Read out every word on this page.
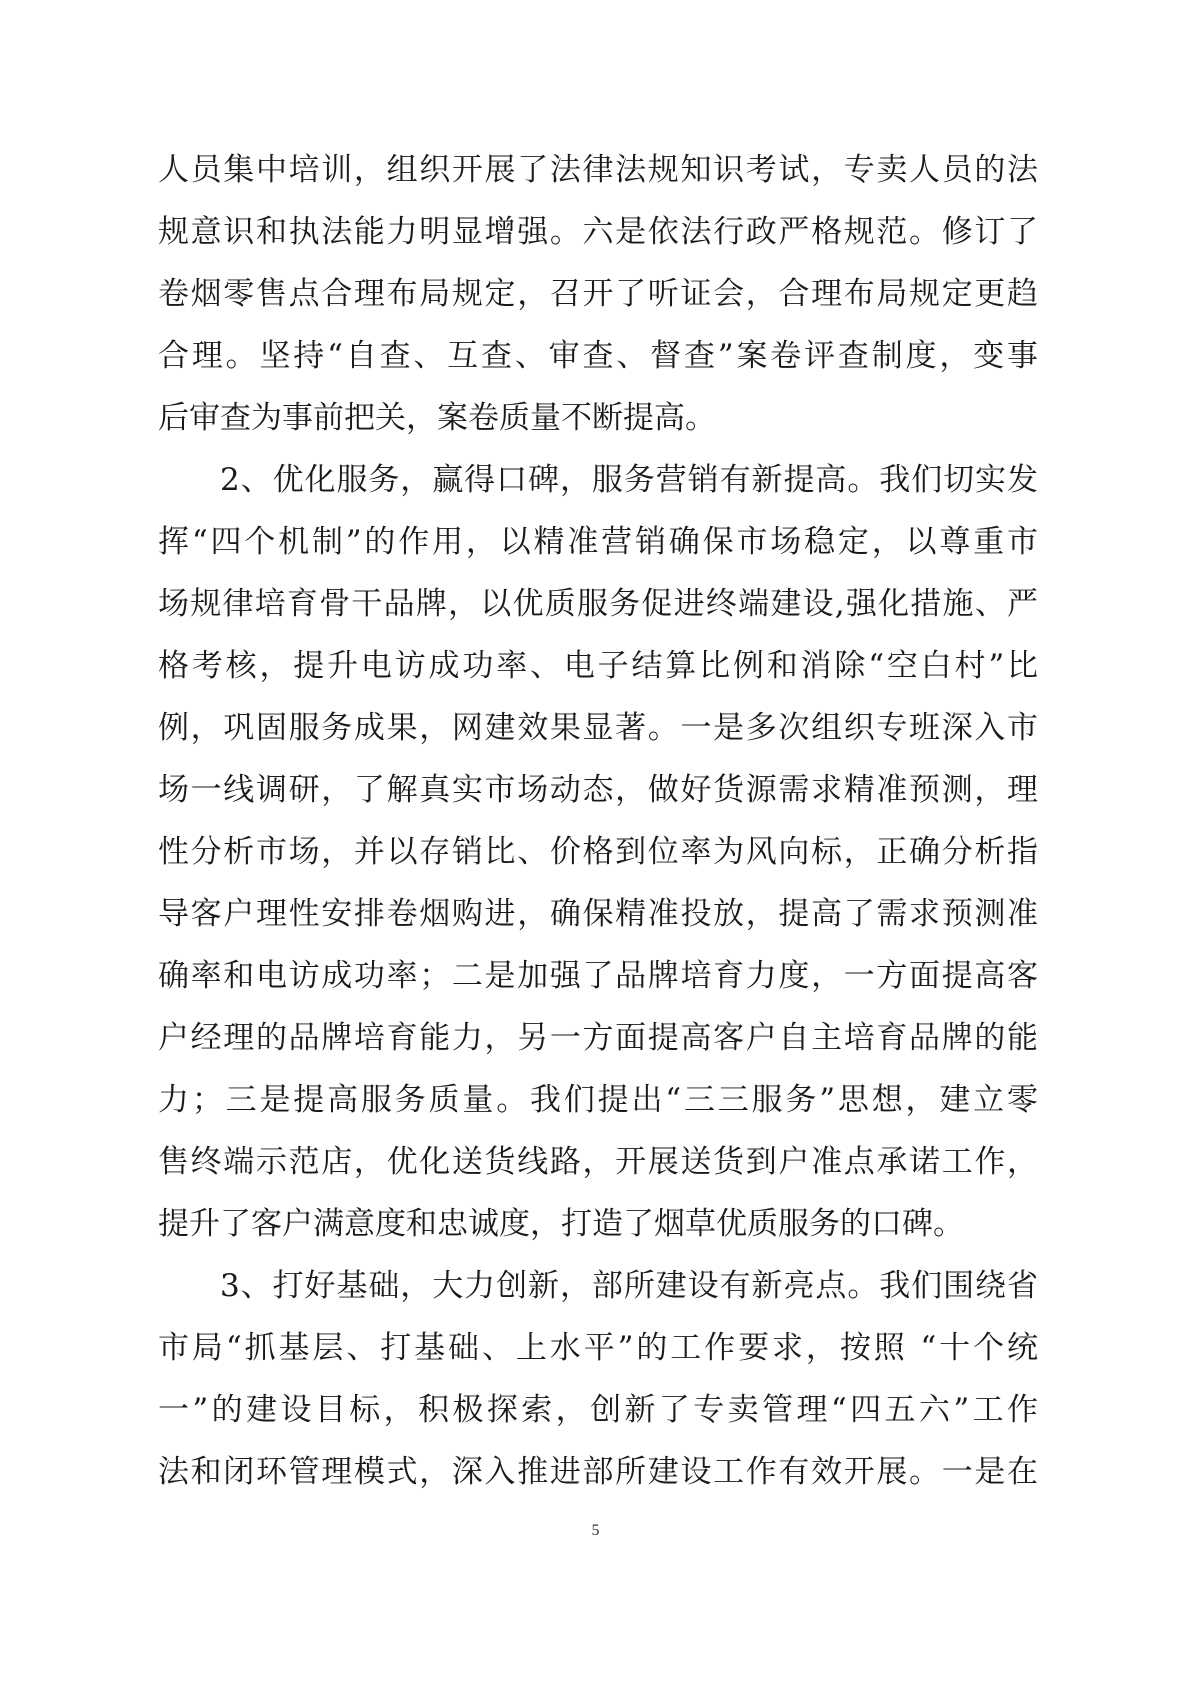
人员集中培训，组织开展了法律法规知识考试，专卖人员的法
规意识和执法能力明显增强。六是依法行政严格规范。修订了
卷烟零售点合理布局规定，召开了听证会，合理布局规定更趋
合理。坚持“自查、互查、审查、督查”案卷评查制度，变事
后审查为事前把关，案卷质量不断提高。
2、优化服务，赢得口碑，服务营销有新提高。我们切实发
挥“四个机制”的作用，以精准营销确保市场稳定，以尊重市
场规律培育骨干品牌，以优质服务促进终端建设,强化措施、严
格考核，提升电访成功率、电子结算比例和消除“空白村”比
例，巩固服务成果，网建效果显著。一是多次组织专班深入市
场一线调研，了解真实市场动态，做好货源需求精准预测，理
性分析市场，并以存销比、价格到位率为风向标，正确分析指
导客户理性安排卷烟购进，确保精准投放，提高了需求预测准
确率和电访成功率；二是加强了品牌培育力度，一方面提高客
户经理的品牌培育能力，另一方面提高客户自主培育品牌的能
力；三是提高服务质量。我们提出“三三服务”思想，建立零
售终端示范店，优化送货线路，开展送货到户准点承诺工作，
提升了客户满意度和忠诚度，打造了烟草优质服务的口碑。
3、打好基础，大力创新，部所建设有新亮点。我们围绕省
市局“抓基层、打基础、上水平”的工作要求，按照 “十个统
一”的建设目标，积极探索，创新了专卖管理“四五六”工作
法和闭环管理模式，深入推进部所建设工作有效开展。一是在
5
